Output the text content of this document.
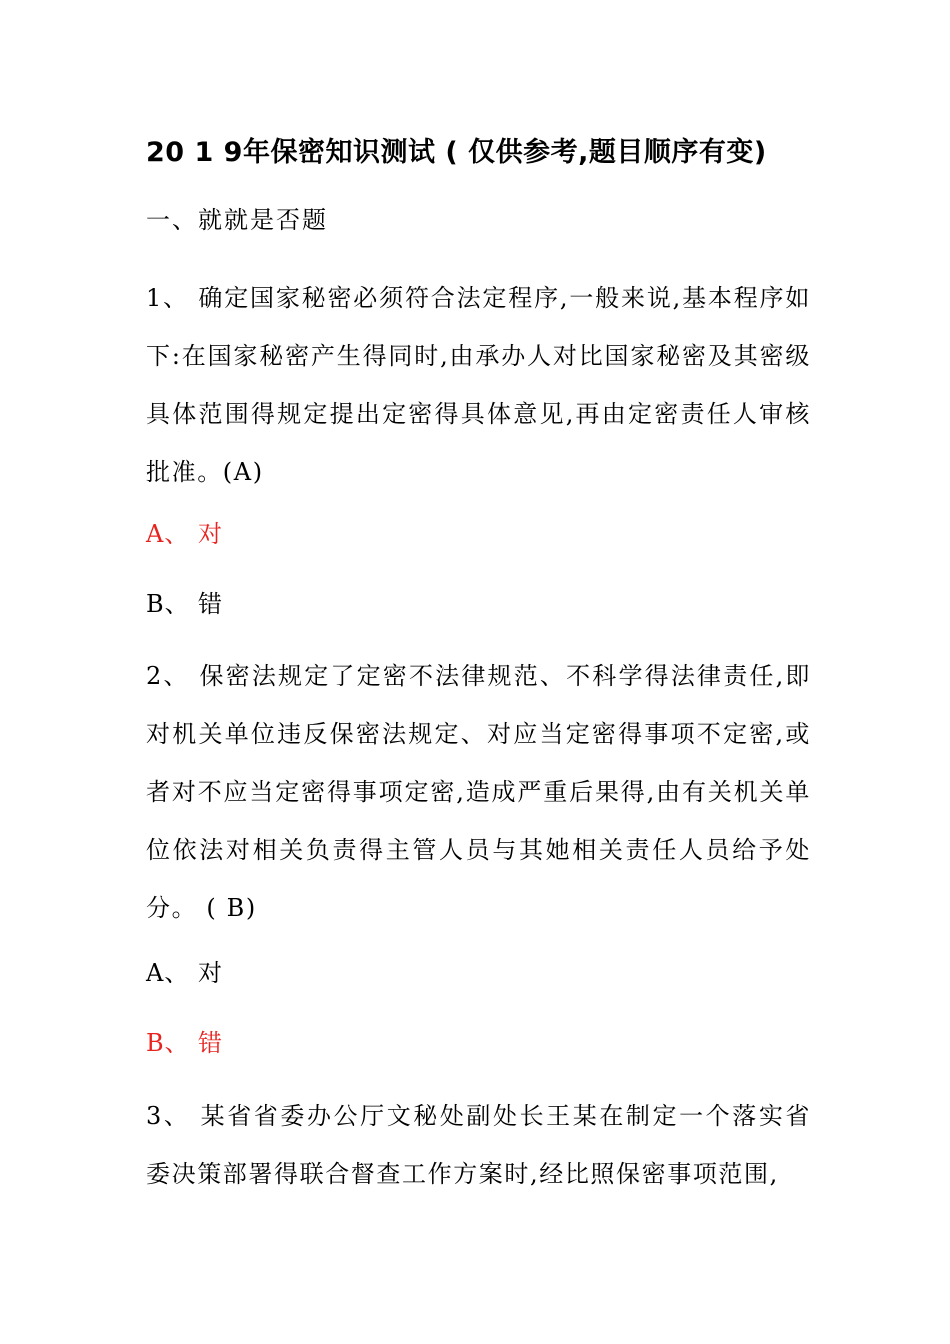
20 1 9年保密知识测试 ( 仅供参考,题目顺序有变)
一、就就是否题
1、 确定国家秘密必须符合法定程序,一般来说,基本程序如下:在国家秘密产生得同时,由承办人对比国家秘密及其密级具体范围得规定提出定密得具体意见,再由定密责任人审核批准。(A)
A、 对
B、 错
2、 保密法规定了定密不法律规范、不科学得法律责任,即对机关单位违反保密法规定、对应当定密得事项不定密,或者对不应当定密得事项定密,造成严重后果得,由有关机关单位依法对相关负责得主管人员与其她相关责任人员给予处分。 ( B)
A、 对
B、 错
3、 某省省委办公厅文秘处副处长王某在制定一个落实省委决策部署得联合督查工作方案时,经比照保密事项范围,
